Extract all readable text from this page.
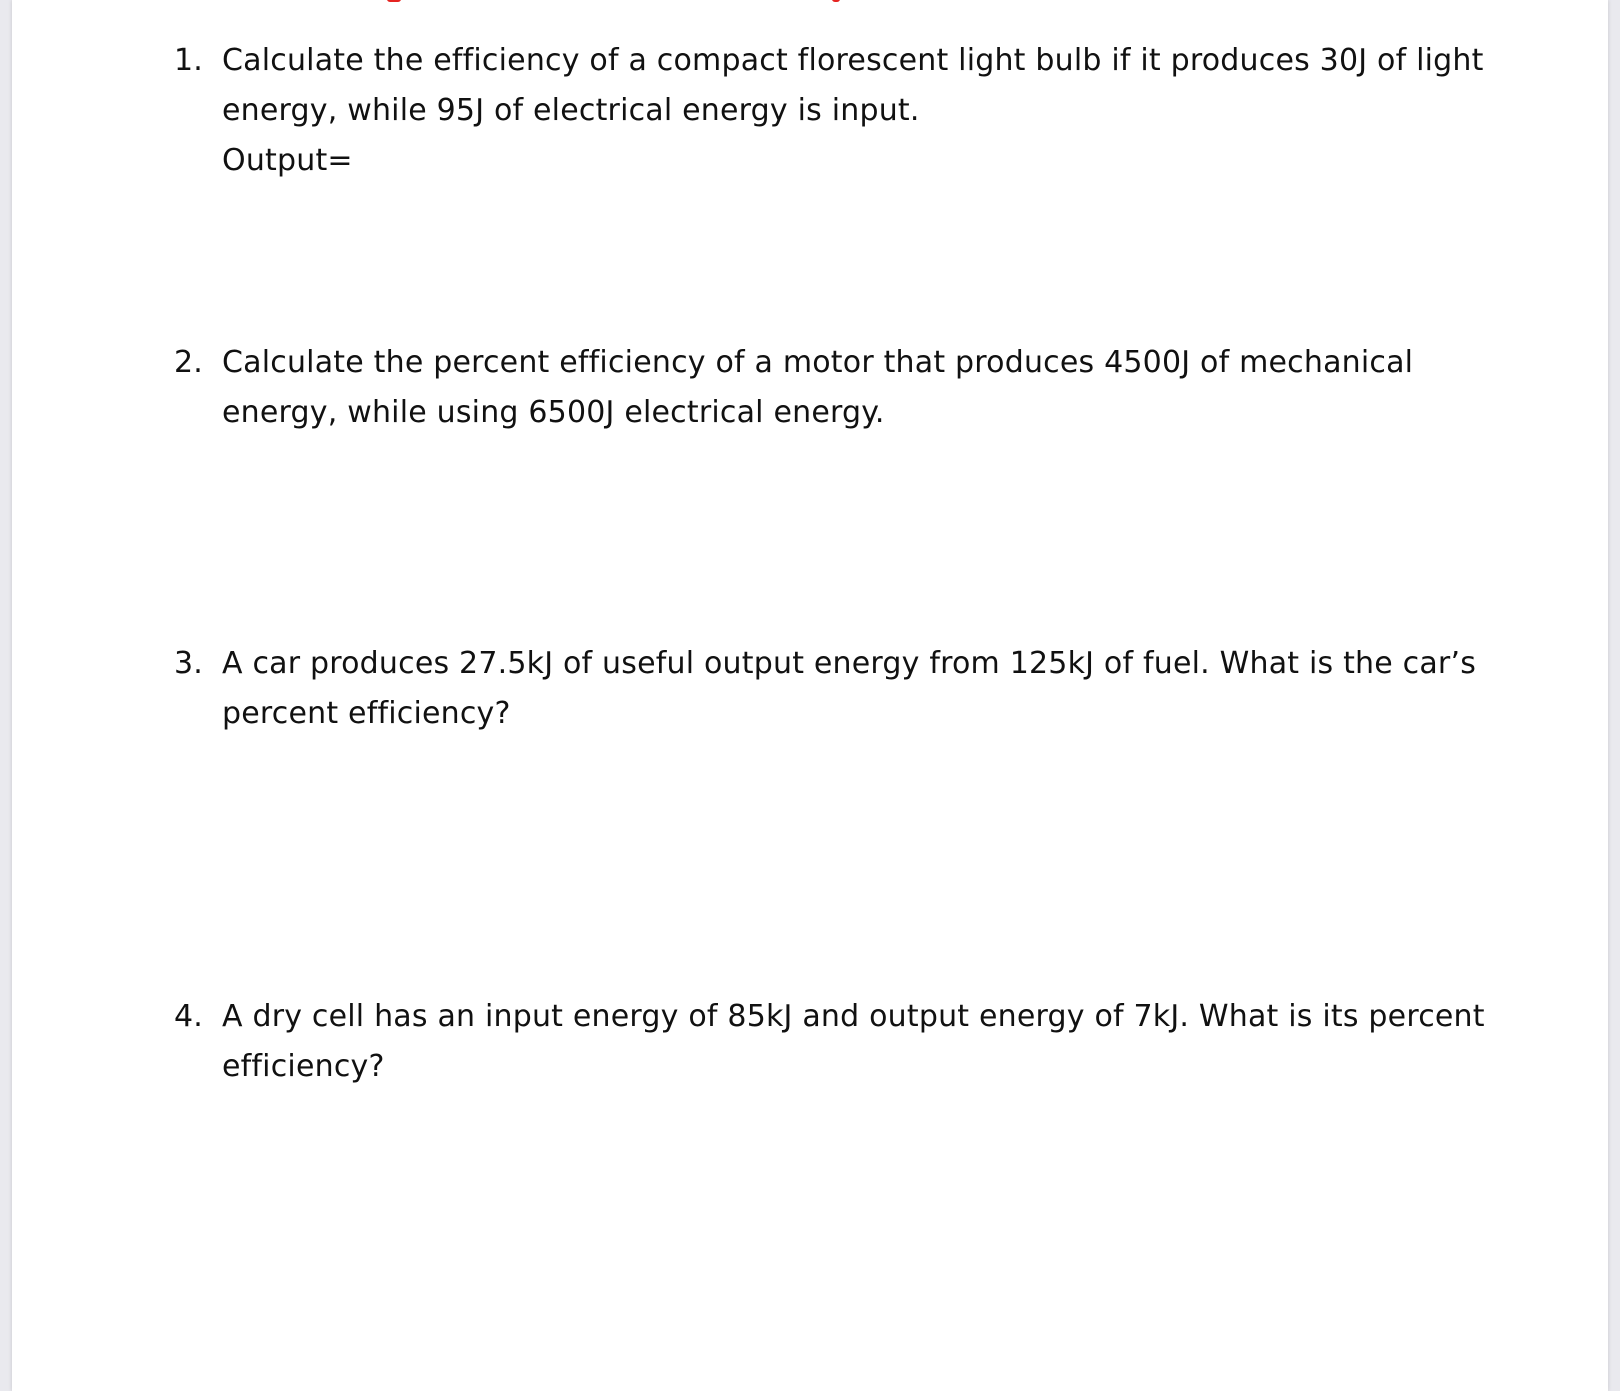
1. Calculate the efficiency of a compact florescent light bulb if it produces 30J of light
energy, while 95J of electrical energy is input.
Output=
2. Calculate the percent efficiency of a motor that produces 4500J of mechanical
energy, while using 6500J electrical energy.
3. A car produces 27.5kJ of useful output energy from 125kJ of fuel. What is the car’s
percent efficiency?
4. A dry cell has an input energy of 85kJ and output energy of 7kJ. What is its percent
efficiency?
